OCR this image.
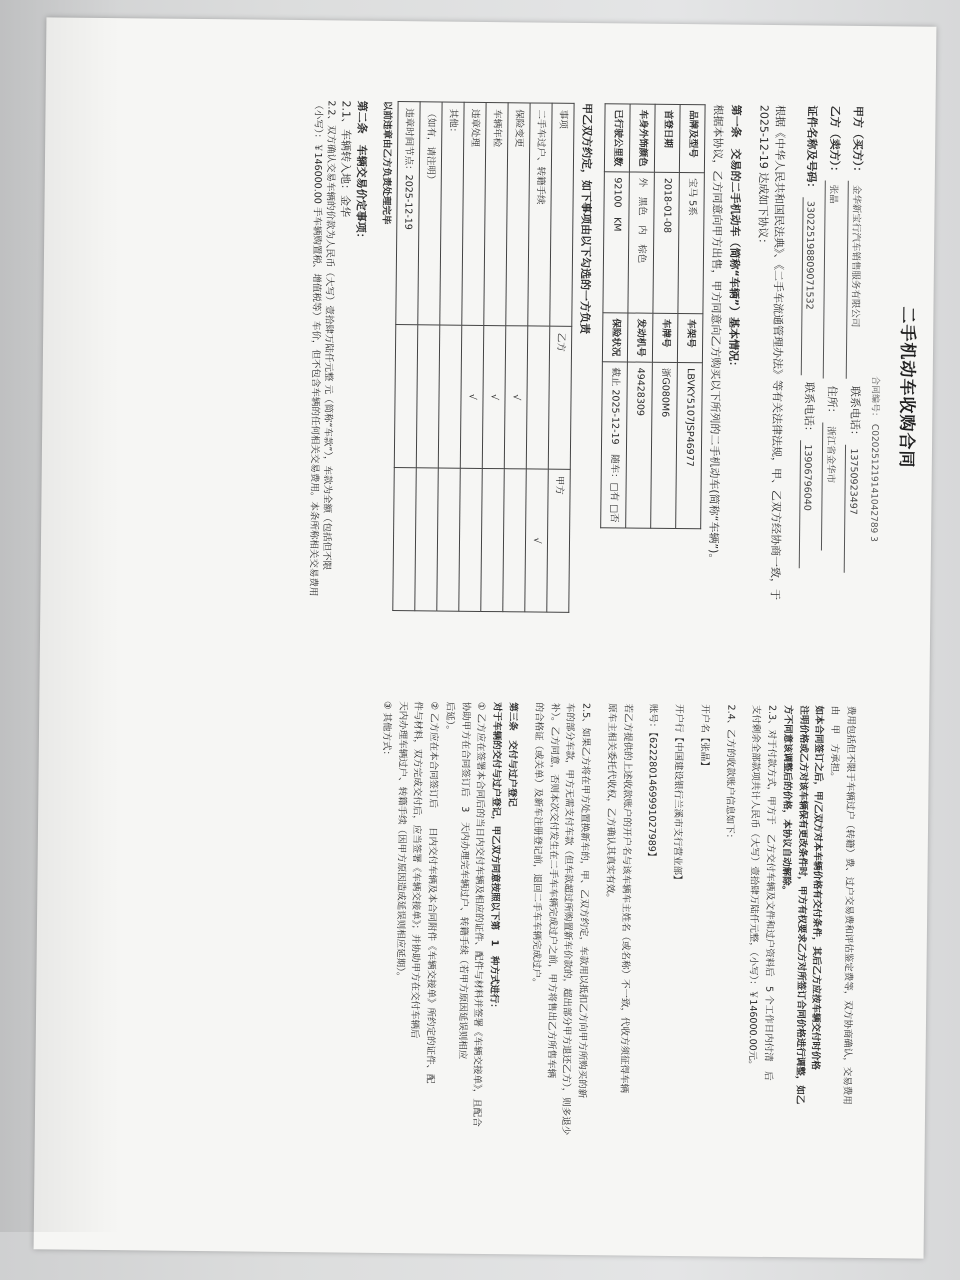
二手机动车收购合同
合同编号： C020251219141042789 3

甲方（买方）： 金华新宝行汽车销售服务有限公司  联系电话： 13750923497

乙方（卖方）： 张晶  住所： 浙江省金华市

证件名称及号码： 330225198809071532  联系电话： 13906796040

根据《中华人民共和国民法典》、《二手车流通管理办法》等有关法律法规，甲、乙双方经协商一致，于 2025-12-19 达成如下协议：

第一条　交易的二手机动车（简称“车辆”）基本情况：

根据本协议，乙方同意向甲方出售，甲方同意向乙方购买以下所列的二手机动车(简称“车辆”)。

品牌及型号	宝马 5系	车架号	LBVKY5107JSP46977
首登日期	2018-01-08	车牌号	浙G080M6
车身外饰颜色	外　黑色　内　棕色	发动机号	49428309
已行驶公里数	92100　KM	保险状况	截止 2025-12-19　随车：□有 □否

甲乙双方约定，如下事项由以下勾选的一方负责

事项	乙方	甲方
二手车过户、转籍手续		√
保险变更	√	
车辆年检	√	
违章处理	√	
其他：		
（如有，请注明）		
违章时间节点：2025-12-19		

以前违章由乙方负责处理完毕

第二条　车辆交易价定事项：

2.1、车辆转入地：金华

2.2、双方确认交易车辆的价款为人民币（大写）壹拾肆万陆仟元整 元（简称“车款”），车款为全额（包括但不限

（小写）：￥146000.00 手车辆购置税、增值税等）车价，但不包含车辆的任何相关交易费用。本条所称相关交易费用

费用包括但不限于车辆过户（转籍）费、过户交易费和评估鉴定费等，双方协商确认，交易费用

由　甲　方承担。

如本合同签订之后，甲/乙双方对本车辆价格有交付条件，其后乙方应按车辆交付时价格

注明价格或乙方对该车辆保有更改条件时，甲方有权要求乙方对所签订合同价格进行调整，如乙

方不同意该调整后的价格，本协议自动解除。

2.3、对于付款方式，甲方于　乙方交付车辆及文件和过户资料后　5 个工作日内付清　后

支付剩余全部款项共计人民币（大写）壹拾肆万陆仟元整，（小写）：￥146000.00元。

2.4、乙方的收款账户信息如下：

开户名【张晶】

开户行【中国建设银行兰溪市支行营业部】

账号：【6222801469991027989】

若乙方提供的上述收款账户的开户名与该车辆车主姓名（或名称）不一致，代收方须征得车辆

原车主相关委托代收权，乙方确认其真实有效。

2.5、如果乙方将在甲方处置换新车的，甲、乙双方约定，车款用以抵扣乙方向甲方所购买的新

车的部分车款，甲方无需支付车款（但车款超过所购置新车价款的，超出部分甲方退还乙方），则多退少

补）。乙方同意，否则本次交付发生在二手车车辆完成过户之前，甲方将售出乙方所售车辆

的合格证（或关单）及新车注册登记前，退回二手车车辆完成过户。

第三条　交付与过户登记

对于车辆的交付与过户登记，甲乙双方同意按照以下第　1　种方式进行：

① 乙方应在签署本合同后的当日内交付车辆及相应的证件、配件与材料并签署《车辆交接单》，且配合

协助甲方在合同签订后　3　天内办理完车辆过户、转籍手续（若甲方原因延误则相应

后延）。

② 乙方应在本合同签订后　　日内交付车辆及本合同附件《车辆交接单》所约定的证件、配

件与材料，双方完成交付后，应当签署《车辆交接单》；并协助甲方在交付车辆后

天内办理车辆过户、转籍手续（因甲方原因造成延误则相应延期）。

③ 其他方式：
